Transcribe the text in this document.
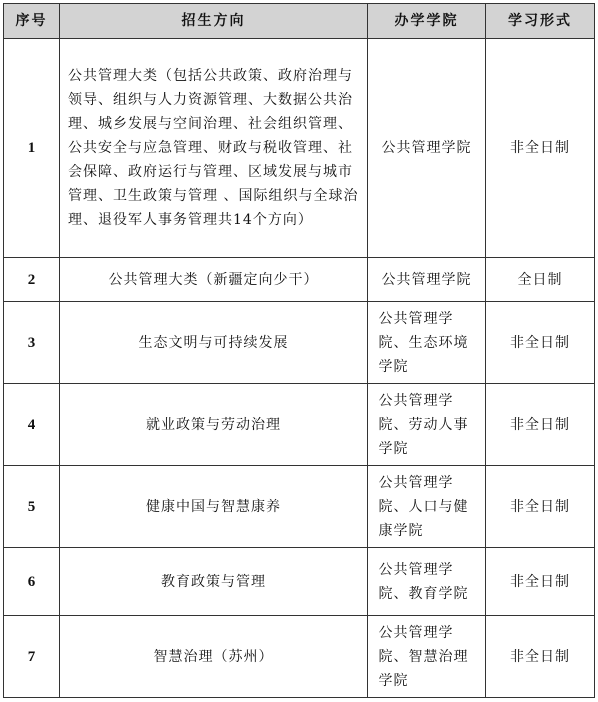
序号	招生方向	办学学院	学习形式
1	公共管理大类（包括公共政策、政府治理与领导、组织与人力资源管理、大数据公共治理、城乡发展与空间治理、社会组织管理、公共安全与应急管理、财政与税收管理、社会保障、政府运行与管理、区域发展与城市管理、卫生政策与管理 、国际组织与全球治理、退役军人事务管理共14个方向）	公共管理学院	非全日制
2	公共管理大类（新疆定向少干）	公共管理学院	全日制
3	生态文明与可持续发展	公共管理学院、生态环境学院	非全日制
4	就业政策与劳动治理	公共管理学院、劳动人事学院	非全日制
5	健康中国与智慧康养	公共管理学院、人口与健康学院	非全日制
6	教育政策与管理	公共管理学院、教育学院	非全日制
7	智慧治理（苏州）	公共管理学院、智慧治理学院	非全日制
